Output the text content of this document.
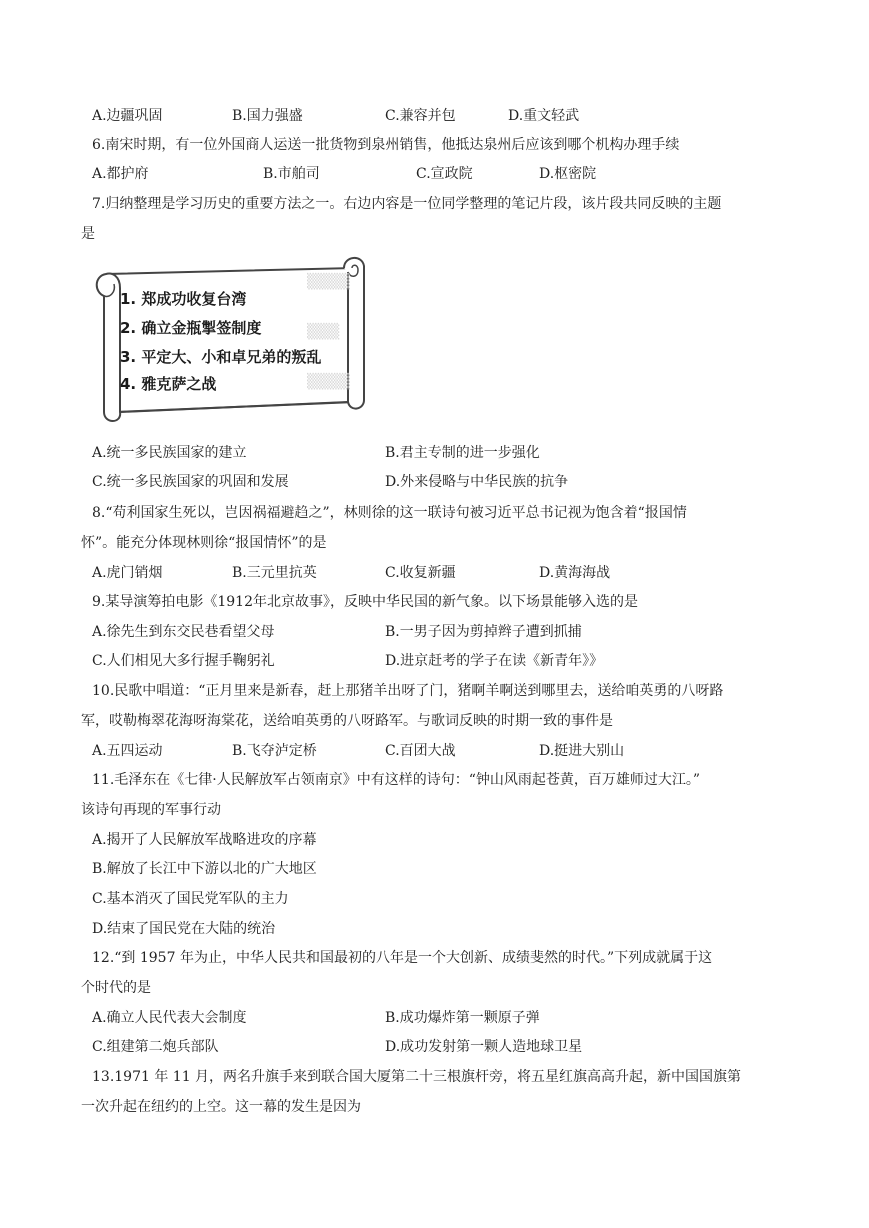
A.边疆巩固	B.国力强盛	C.兼容并包	D.重文轻武
6.南宋时期，有一位外国商人运送一批货物到泉州销售，他抵达泉州后应该到哪个机构办理手续
A.都护府	B.市舶司	C.宣政院	D.枢密院
7.归纳整理是学习历史的重要方法之一。右边内容是一位同学整理的笔记片段，该片段共同反映的主题
是
▒▒▒▒
▒▒▒
▒▒▒▒
1. 郑成功收复台湾
2. 确立金瓶掣签制度
3. 平定大、小和卓兄弟的叛乱
4. 雅克萨之战
A.统一多民族国家的建立	B.君主专制的进一步强化
C.统一多民族国家的巩固和发展	D.外来侵略与中华民族的抗争
8.“苟利国家生死以，岂因祸福避趋之”，林则徐的这一联诗句被习近平总书记视为饱含着“报国情
怀”。能充分体现林则徐“报国情怀”的是
A.虎门销烟	B.三元里抗英	C.收复新疆	D.黄海海战
9.某导演筹拍电影《1912年北京故事》，反映中华民国的新气象。以下场景能够入选的是
A.徐先生到东交民巷看望父母	B.一男子因为剪掉辫子遭到抓捕
C.人们相见大多行握手鞠躬礼	D.进京赶考的学子在读《新青年》》
10.民歌中唱道：“正月里来是新春，赶上那猪羊出呀了门，猪啊羊啊送到哪里去，送给咱英勇的八呀路
军，哎勒梅翠花海呀海棠花，送给咱英勇的八呀路军。与歌词反映的时期一致的事件是
A.五四运动	B.飞夺泸定桥	C.百团大战	D.挺进大别山
11.毛泽东在《七律·人民解放军占领南京》中有这样的诗句：“钟山风雨起苍黄，百万雄师过大江。”
该诗句再现的军事行动
A.揭开了人民解放军战略进攻的序幕
B.解放了长江中下游以北的广大地区
C.基本消灭了国民党军队的主力
D.结束了国民党在大陆的统治
12.“到 1957 年为止，中华人民共和国最初的八年是一个大创新、成绩斐然的时代。”下列成就属于这
个时代的是
A.确立人民代表大会制度	B.成功爆炸第一颗原子弹
C.组建第二炮兵部队	D.成功发射第一颗人造地球卫星
13.1971 年 11 月，两名升旗手来到联合国大厦第二十三根旗杆旁，将五星红旗高高升起，新中国国旗第
一次升起在纽约的上空。这一幕的发生是因为
